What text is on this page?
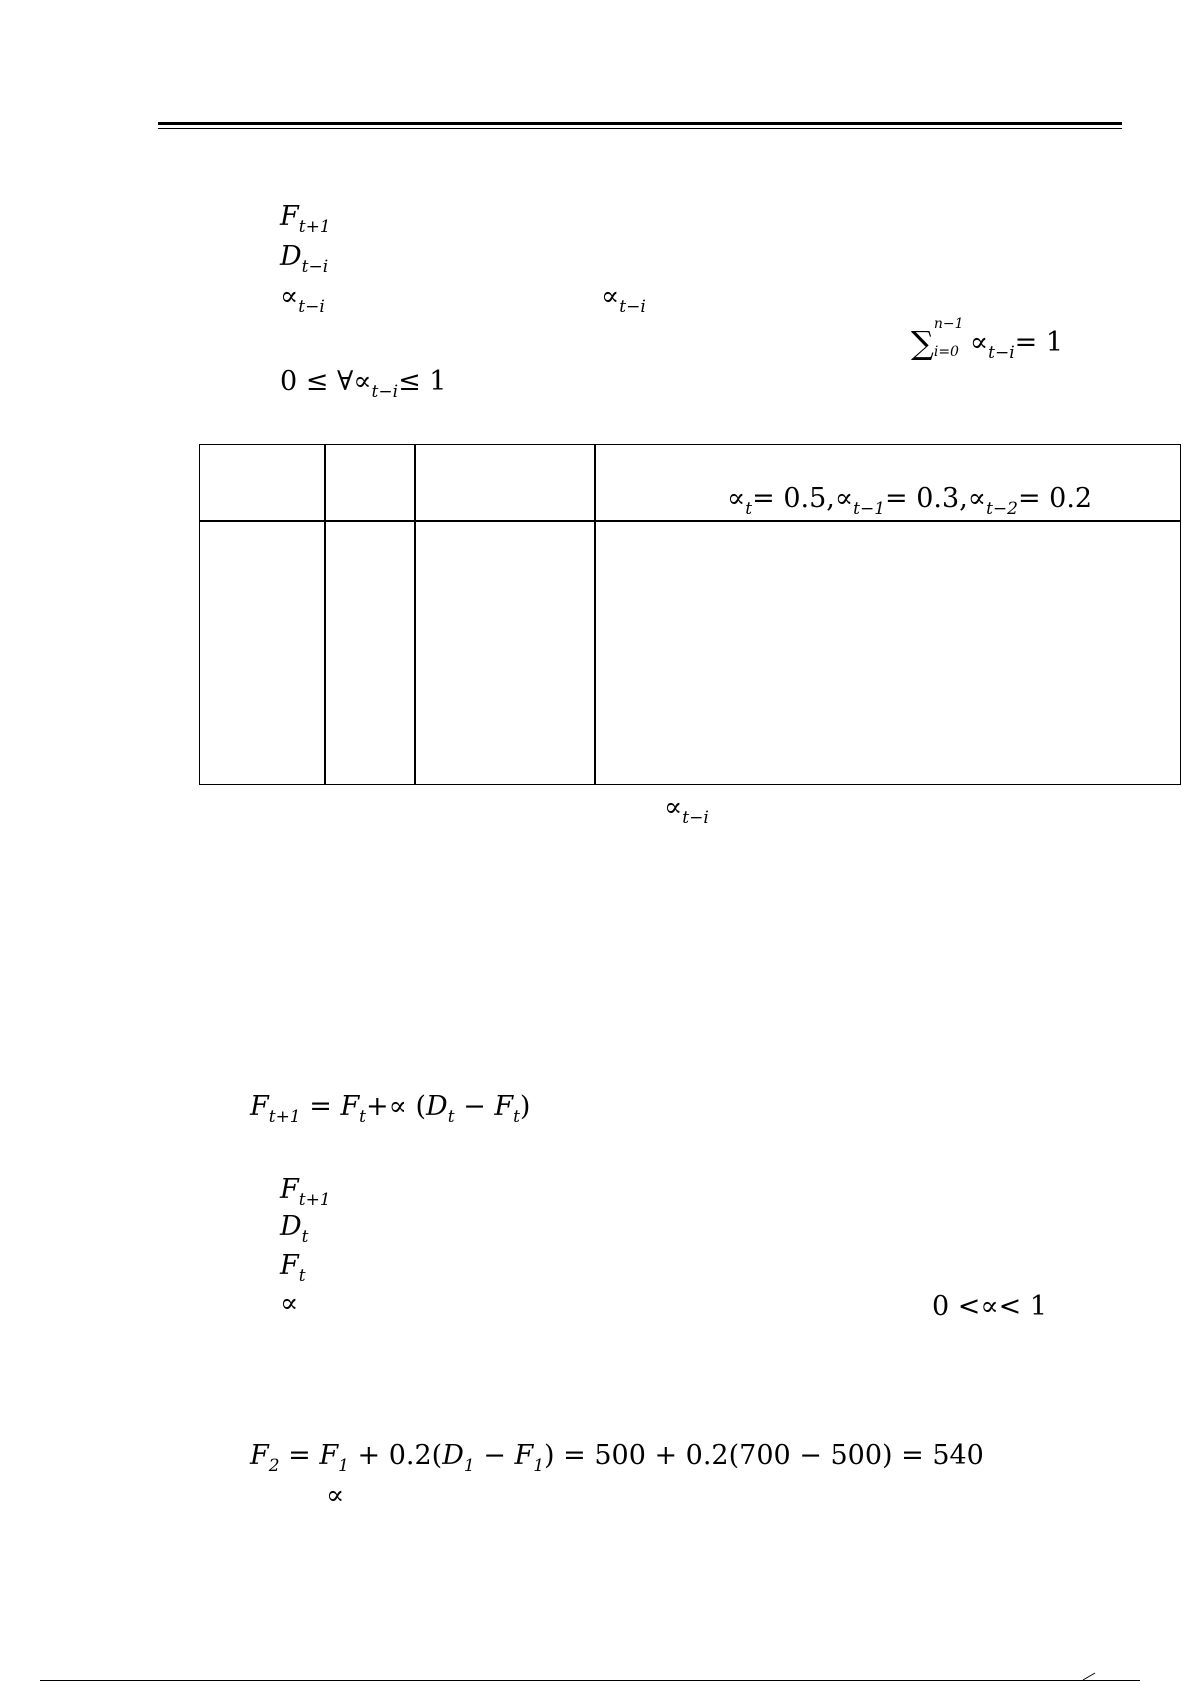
$F_{t+1}$
$D_{t-i}$
$\propto_{t-i}$	$\propto_{t-i}$
∑ n−1
$i=0 \propto_{t-i}= 1$
$0 \le \forall\propto_{t-i}\le 1$
$\propto_t= 0.5,\propto_{t-1}= 0.3,\propto_{t-2}= 0.2$
$\propto_{t-i}$
$F_{t+1} = F_t+\propto (D_t - F_t)$
$F_{t+1}$
$D_t$
$F_t$
∝	0 <∝< 1
$F_2 = F_1 + 0.2(D_1 - F_1) = 500 + 0.2(700 - 500) = 540$
∝
